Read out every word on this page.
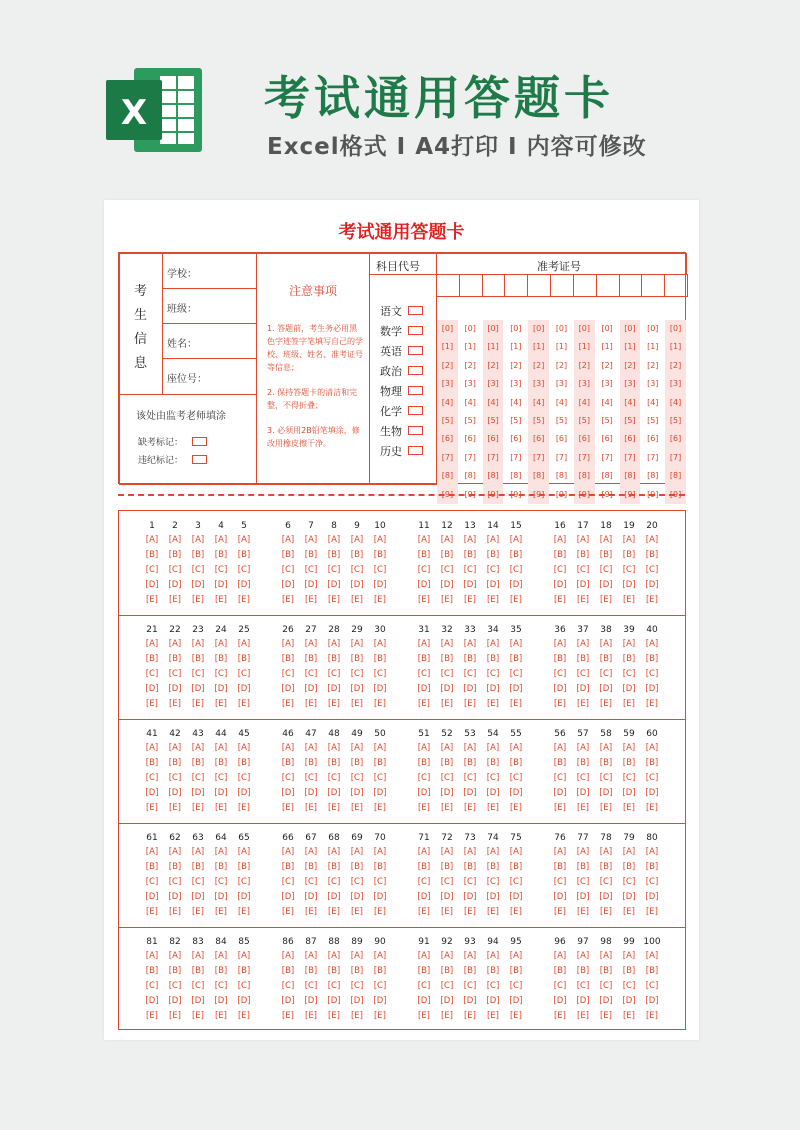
X	考试通用答题卡
Excel格式 I A4打印 I 内容可修改
考试通用答题卡
考生信息
学校：
班级：
姓名：
座位号：
该处由监考老师填涂
缺考标记：
违纪标记：
注意事项
1. 答题前，考生务必用黑色字迹签字笔填写自己的学校、班级、姓名、准考证号等信息；
2. 保持答题卡的清洁和完整，不得折叠；
3. 必须用2B铅笔填涂，修改用橡皮擦干净。
科目代号
语文
数学
英语
政治
物理
化学
生物
历史
准考证号
[0]
[1]
[2]
[3]
[4]
[5]
[6]
[7]
[8]
[9]
[0]
[1]
[2]
[3]
[4]
[5]
[6]
[7]
[8]
[9]
[0]
[1]
[2]
[3]
[4]
[5]
[6]
[7]
[8]
[9]
[0]
[1]
[2]
[3]
[4]
[5]
[6]
[7]
[8]
[9]
[0]
[1]
[2]
[3]
[4]
[5]
[6]
[7]
[8]
[9]
[0]
[1]
[2]
[3]
[4]
[5]
[6]
[7]
[8]
[9]
[0]
[1]
[2]
[3]
[4]
[5]
[6]
[7]
[8]
[9]
[0]
[1]
[2]
[3]
[4]
[5]
[6]
[7]
[8]
[9]
[0]
[1]
[2]
[3]
[4]
[5]
[6]
[7]
[8]
[9]
[0]
[1]
[2]
[3]
[4]
[5]
[6]
[7]
[8]
[9]
[0]
[1]
[2]
[3]
[4]
[5]
[6]
[7]
[8]
[9]
1
[A]
[B]
[C]
[D]
[E]
2
[A]
[B]
[C]
[D]
[E]
3
[A]
[B]
[C]
[D]
[E]
4
[A]
[B]
[C]
[D]
[E]
5
[A]
[B]
[C]
[D]
[E]
6
[A]
[B]
[C]
[D]
[E]
7
[A]
[B]
[C]
[D]
[E]
8
[A]
[B]
[C]
[D]
[E]
9
[A]
[B]
[C]
[D]
[E]
10
[A]
[B]
[C]
[D]
[E]
11
[A]
[B]
[C]
[D]
[E]
12
[A]
[B]
[C]
[D]
[E]
13
[A]
[B]
[C]
[D]
[E]
14
[A]
[B]
[C]
[D]
[E]
15
[A]
[B]
[C]
[D]
[E]
16
[A]
[B]
[C]
[D]
[E]
17
[A]
[B]
[C]
[D]
[E]
18
[A]
[B]
[C]
[D]
[E]
19
[A]
[B]
[C]
[D]
[E]
20
[A]
[B]
[C]
[D]
[E]
21
[A]
[B]
[C]
[D]
[E]
22
[A]
[B]
[C]
[D]
[E]
23
[A]
[B]
[C]
[D]
[E]
24
[A]
[B]
[C]
[D]
[E]
25
[A]
[B]
[C]
[D]
[E]
26
[A]
[B]
[C]
[D]
[E]
27
[A]
[B]
[C]
[D]
[E]
28
[A]
[B]
[C]
[D]
[E]
29
[A]
[B]
[C]
[D]
[E]
30
[A]
[B]
[C]
[D]
[E]
31
[A]
[B]
[C]
[D]
[E]
32
[A]
[B]
[C]
[D]
[E]
33
[A]
[B]
[C]
[D]
[E]
34
[A]
[B]
[C]
[D]
[E]
35
[A]
[B]
[C]
[D]
[E]
36
[A]
[B]
[C]
[D]
[E]
37
[A]
[B]
[C]
[D]
[E]
38
[A]
[B]
[C]
[D]
[E]
39
[A]
[B]
[C]
[D]
[E]
40
[A]
[B]
[C]
[D]
[E]
41
[A]
[B]
[C]
[D]
[E]
42
[A]
[B]
[C]
[D]
[E]
43
[A]
[B]
[C]
[D]
[E]
44
[A]
[B]
[C]
[D]
[E]
45
[A]
[B]
[C]
[D]
[E]
46
[A]
[B]
[C]
[D]
[E]
47
[A]
[B]
[C]
[D]
[E]
48
[A]
[B]
[C]
[D]
[E]
49
[A]
[B]
[C]
[D]
[E]
50
[A]
[B]
[C]
[D]
[E]
51
[A]
[B]
[C]
[D]
[E]
52
[A]
[B]
[C]
[D]
[E]
53
[A]
[B]
[C]
[D]
[E]
54
[A]
[B]
[C]
[D]
[E]
55
[A]
[B]
[C]
[D]
[E]
56
[A]
[B]
[C]
[D]
[E]
57
[A]
[B]
[C]
[D]
[E]
58
[A]
[B]
[C]
[D]
[E]
59
[A]
[B]
[C]
[D]
[E]
60
[A]
[B]
[C]
[D]
[E]
61
[A]
[B]
[C]
[D]
[E]
62
[A]
[B]
[C]
[D]
[E]
63
[A]
[B]
[C]
[D]
[E]
64
[A]
[B]
[C]
[D]
[E]
65
[A]
[B]
[C]
[D]
[E]
66
[A]
[B]
[C]
[D]
[E]
67
[A]
[B]
[C]
[D]
[E]
68
[A]
[B]
[C]
[D]
[E]
69
[A]
[B]
[C]
[D]
[E]
70
[A]
[B]
[C]
[D]
[E]
71
[A]
[B]
[C]
[D]
[E]
72
[A]
[B]
[C]
[D]
[E]
73
[A]
[B]
[C]
[D]
[E]
74
[A]
[B]
[C]
[D]
[E]
75
[A]
[B]
[C]
[D]
[E]
76
[A]
[B]
[C]
[D]
[E]
77
[A]
[B]
[C]
[D]
[E]
78
[A]
[B]
[C]
[D]
[E]
79
[A]
[B]
[C]
[D]
[E]
80
[A]
[B]
[C]
[D]
[E]
81
[A]
[B]
[C]
[D]
[E]
82
[A]
[B]
[C]
[D]
[E]
83
[A]
[B]
[C]
[D]
[E]
84
[A]
[B]
[C]
[D]
[E]
85
[A]
[B]
[C]
[D]
[E]
86
[A]
[B]
[C]
[D]
[E]
87
[A]
[B]
[C]
[D]
[E]
88
[A]
[B]
[C]
[D]
[E]
89
[A]
[B]
[C]
[D]
[E]
90
[A]
[B]
[C]
[D]
[E]
91
[A]
[B]
[C]
[D]
[E]
92
[A]
[B]
[C]
[D]
[E]
93
[A]
[B]
[C]
[D]
[E]
94
[A]
[B]
[C]
[D]
[E]
95
[A]
[B]
[C]
[D]
[E]
96
[A]
[B]
[C]
[D]
[E]
97
[A]
[B]
[C]
[D]
[E]
98
[A]
[B]
[C]
[D]
[E]
99
[A]
[B]
[C]
[D]
[E]
100
[A]
[B]
[C]
[D]
[E]
